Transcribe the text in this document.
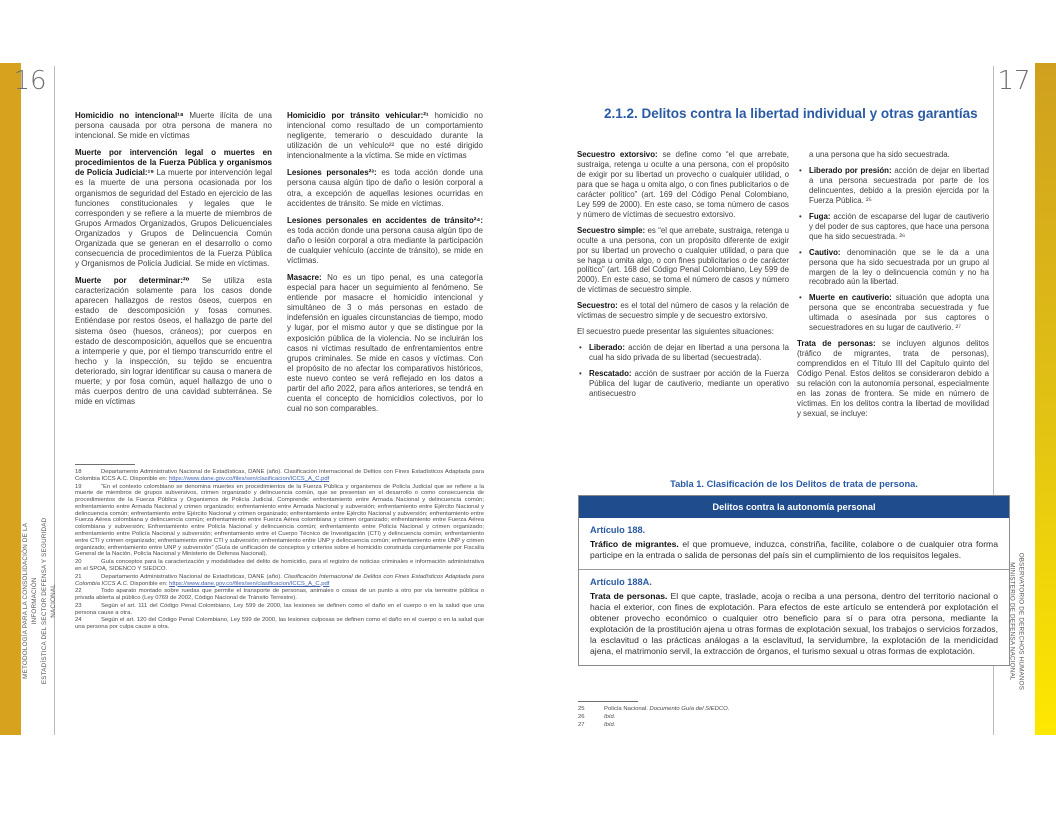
16	17

Homicidio no intencional¹⁸ Muerte ilícita de una persona causada por otra persona de manera no intencional. Se mide en víctimas

Muerte por intervención legal o muertes en procedimientos de la Fuerza Pública y organismos de Policía Judicial:¹⁹ La muerte por intervención legal es la muerte de una persona ocasionada por los organismos de seguridad del Estado en ejercicio de las funciones constitucionales y legales que le corresponden y se refiere a la muerte de miembros de Grupos Armados Organizados, Grupos Delicuenciales Organizados y Grupos de Delincuencia Común Organizada que se generan en el desarrollo o como consecuencia de procedimientos de la Fuerza Pública y Organismos de Policía Judicial. Se mide en víctimas.

Muerte por determinar:²⁰ Se utiliza esta caracterización solamente para los casos donde aparecen hallazgos de restos óseos, cuerpos en estado de descomposición y fosas comunes. Entiéndase por restos óseos, el hallazgo de parte del sistema óseo (huesos, cráneos); por cuerpos en estado de descomposición, aquellos que se encuentra a intemperie y que, por el tiempo transcurrido entre el hecho y la inspección, su tejido se encuentra deteriorado, sin lograr identificar su causa o manera de muerte; y por fosa común, aquel hallazgo de uno o más cuerpos dentro de una cavidad subterránea. Se mide en víctimas

Homicidio por tránsito vehicular:²¹ homicidio no intencional como resultado de un comportamiento negligente, temerario o descuidado durante la utilización de un vehículo²² que no esté dirigido intencionalmente a la víctima. Se mide en víctimas

Lesiones personales²³: es toda acción donde una persona causa algún tipo de daño o lesión corporal a otra, a excepción de aquellas lesiones ocurridas en accidentes de tránsito. Se mide en víctimas.

Lesiones personales en accidentes de tránsito²⁴: es toda acción donde una persona causa algún tipo de daño o lesión corporal a otra mediante la participación de cualquier vehículo (accinte de tránsito), se mide en víctimas.

Masacre: No es un tipo penal, es una categoría especial para hacer un seguimiento al fenómeno. Se entiende por masacre el homicidio intencional y simultáneo de 3 o más personas en estado de indefensión en iguales circunstancias de tiempo, modo y lugar, por el mismo autor y que se distingue por la exposición pública de la violencia. No se incluirán los casos ni víctimas resultado de enfrentamientos entre grupos criminales. Se mide en casos y víctimas. Con el propósito de no afectar los comparativos históricos, este nuevo conteo se verá reflejado en los datos a partir del año 2022, para años anteriores, se tendrá en cuenta el concepto de homicidios colectivos, por lo cual no son comparables.

18	Departamento Administrativo Nacional de Estadísticas, DANE (año). Clasificación Internacional de Delitos con Fines Estadísticos Adaptada para Colombia ICCS A.C. Disponible en: https://www.dane.gov.co/files/sen/clasificacion/ICCS_A_C.pdf
19	“En el contexto colombiano se denomina muertes en procedimientos de la Fuerza Pública y organismos de Policía Judicial que se refiere a la muerte de miembros de grupos subversivos, crimen organizado y delincuencia común, que se presentan en el desarrollo o como consecuencia de procedimientos de la Fuerza Pública y Organismos de Policía Judicial. Comprende: enfrentamiento entre Armada Nacional y delincuencia común; enfrentamiento entre Armada Nacional y crimen organizado; enfrentamiento entre Armada Nacional y subversión; enfrentamiento entre Ejército Nacional y delincuencia común; enfrentamiento entre Ejército Nacional y crimen organizado; enfrentamiento entre Ejército Nacional y subversión; enfrentamiento entre Fuerza Aérea colombiana y delincuencia común; enfrentamiento entre Fuerza Aérea colombiana y crimen organizado; enfrentamiento entre Fuerza Aérea colombiana y subversión; Enfrentamiento entre Policía Nacional y delincuencia común; enfrentamiento entre Policía Nacional y crimen organizado; enfrentamiento entre Policía Nacional y subversión; enfrentamiento entre el Cuerpo Técnico de Investigación (CTI) y delincuencia común; enfrentamiento entre CTI y crimen organizado; enfrentamiento entre CTI y subversión; enfrentamiento entre UNP y delincuencia común; enfrentamiento entre UNP y crimen organizado; enfrentamiento entre UNP y subversión” (Guía de unificación de conceptos y criterios sobre el homicidio construida conjuntamente por Fiscalía General de la Nación, Policía Nacional y Ministerio de Defensa Nacional).
20	Guía conceptos para la caracterización y modalidades del delito de homicidio, para el registro de noticias criminales e información administrativa en el SPOA, SIDENCO Y SIEDCO.
21	Departamento Administrativo Nacional de Estadísticas, DANE (año). Clasificación Internacional de Delitos con Fines Estadísticos Adaptada para Colombia ICCS A.C. Disponible en: https://www.dane.gov.co/files/sen/clasificacion/ICCS_A_C.pdf
22	Todo aparato montado sobre ruedas que permite el transporte de personas, animales o cosas de un punto a otro por vía terrestre pública o privada abierta al público (Ley 0769 de 2002, Código Nacional de Tránsito Terrestre).
23	Según el art. 111 del Código Penal Colombiano, Ley 599 de 2000, las lesiones se definen como el daño en el cuerpo o en la salud que una persona cause a otra.
24	Según el art. 120 del Código Penal Colombiano, Ley 599 de 2000, las lesiones culposas se definen como el daño en el cuerpo o en la salud que una persona por culpa cause a otra.
2.1.2. Delitos contra la libertad individual y otras garantías

Secuestro extorsivo: se define como “el que arrebate, sustraiga, retenga u oculte a una persona, con el propósito de exigir por su libertad un provecho o cualquier utilidad, o para que se haga u omita algo, o con fines publicitarios o de carácter político” (art. 169 del Código Penal Colombiano, Ley 599 de 2000). En este caso, se toma número de casos y número de víctimas de secuestro extorsivo.

Secuestro simple: es “el que arrebate, sustraiga, retenga u oculte a una persona, con un propósito diferente de exigir por su libertad un provecho o cualquier utilidad, o para que se haga u omita algo, o con fines publicitarios o de carácter político” (art. 168 del Código Penal Colombiano, Ley 599 de 2000). En este caso, se toma el número de casos y número de víctimas de secuestro simple.

Secuestro: es el total del número de casos y la relación de víctimas de secuestro simple y de secuestro extorsivo.

El secuestro puede presentar las siguientes situaciones:

• Liberado: acción de dejar en libertad a una persona la cual ha sido privada de su libertad (secuestrada).

• Rescatado: acción de sustraer por acción de la Fuerza Pública del lugar de cautiverio, mediante un operativo antisecuestro

a una persona que ha sido secuestrada.

• Liberado por presión: acción de dejar en libertad a una persona secuestrada por parte de los delincuentes, debido a la presión ejercida por la Fuerza Pública. ²⁵

• Fuga: acción de escaparse del lugar de cautiverio y del poder de sus captores, que hace una persona que ha sido secuestrada. ²⁶

• Cautivo: denominación que se le da a una persona que ha sido secuestrada por un grupo al margen de la ley o delincuencia común y no ha recobrado aún la libertad.

• Muerte en cautiverio: situación que adopta una persona que se encontraba secuestrada y fue ultimada o asesinada por sus captores o secuestradores en su lugar de cautiverio. ²⁷

Trata de personas: se incluyen algunos delitos (tráfico de migrantes, trata de personas), comprendidos en el Título III del Capítulo quinto del Código Penal. Estos delitos se consideraron debido a su relación con la autonomía personal, especialmente en las zonas de frontera. Se mide en número de víctimas. En los delitos contra la libertad de movilidad y sexual, se incluye:

Tabla 1. Clasificación de los Delitos de trata de persona.
Delitos contra la autonomía personal
Artículo 188.

Tráfico de migrantes. el que promueve, induzca, constriña, facilite, colabore o de cualquier otra forma participe en la entrada o salida de personas del país sin el cumplimiento de los requisitos legales.

Artículo 188A.

Trata de personas. El que capte, traslade, acoja o reciba a una persona, dentro del territorio nacional o hacia el exterior, con fines de explotación. Para efectos de este artículo se entenderá por explotación el obtener provecho económico o cualquier otro beneficio para sí o para otra persona, mediante la explotación de la prostitución ajena u otras formas de explotación sexual, los trabajos o servicios forzados, la esclavitud o las prácticas análogas a la esclavitud, la servidumbre, la explotación de la mendicidad ajena, el matrimonio servil, la extracción de órganos, el turismo sexual u otras formas de explotación.

25	Policía Nacional. Documento Guía del SIEDCO.
26	Ibíd.
27	Ibíd.
METODOLOGÍA PARA LA CONSOLIDACIÓN DE LA INFORMACIÓN ESTADÍSTICA DEL SECTOR DEFENSA Y SEGURIDAD NACIONAL	OBSERVATORIO DE DERECHOS HUMANOS
MINISTERIO DE DEFENSA NACIONAL
